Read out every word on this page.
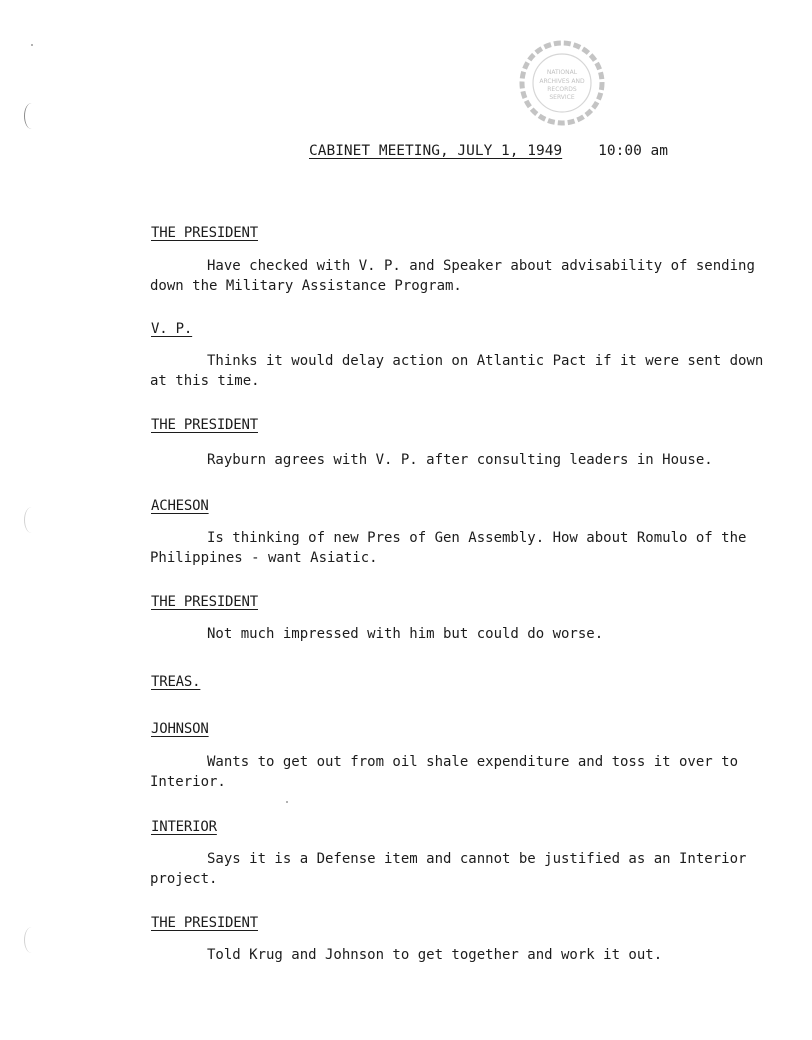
NATIONAL
ARCHIVES AND
RECORDS
SERVICE
CABINET MEETING, JULY 1, 1949 10:00 am
THE PRESIDENT

Have checked with V. P. and Speaker about advisability of sending
down the Military Assistance Program.

V. P.

Thinks it would delay action on Atlantic Pact if it were sent down
at this time.

THE PRESIDENT

Rayburn agrees with V. P. after consulting leaders in House.

ACHESON

Is thinking of new Pres of Gen Assembly. How about Romulo of the
Philippines - want Asiatic.

THE PRESIDENT

Not much impressed with him but could do worse.

TREAS.
JOHNSON

Wants to get out from oil shale expenditure and toss it over to
Interior.

INTERIOR

Says it is a Defense item and cannot be justified as an Interior
project.

THE PRESIDENT

Told Krug and Johnson to get together and work it out.
